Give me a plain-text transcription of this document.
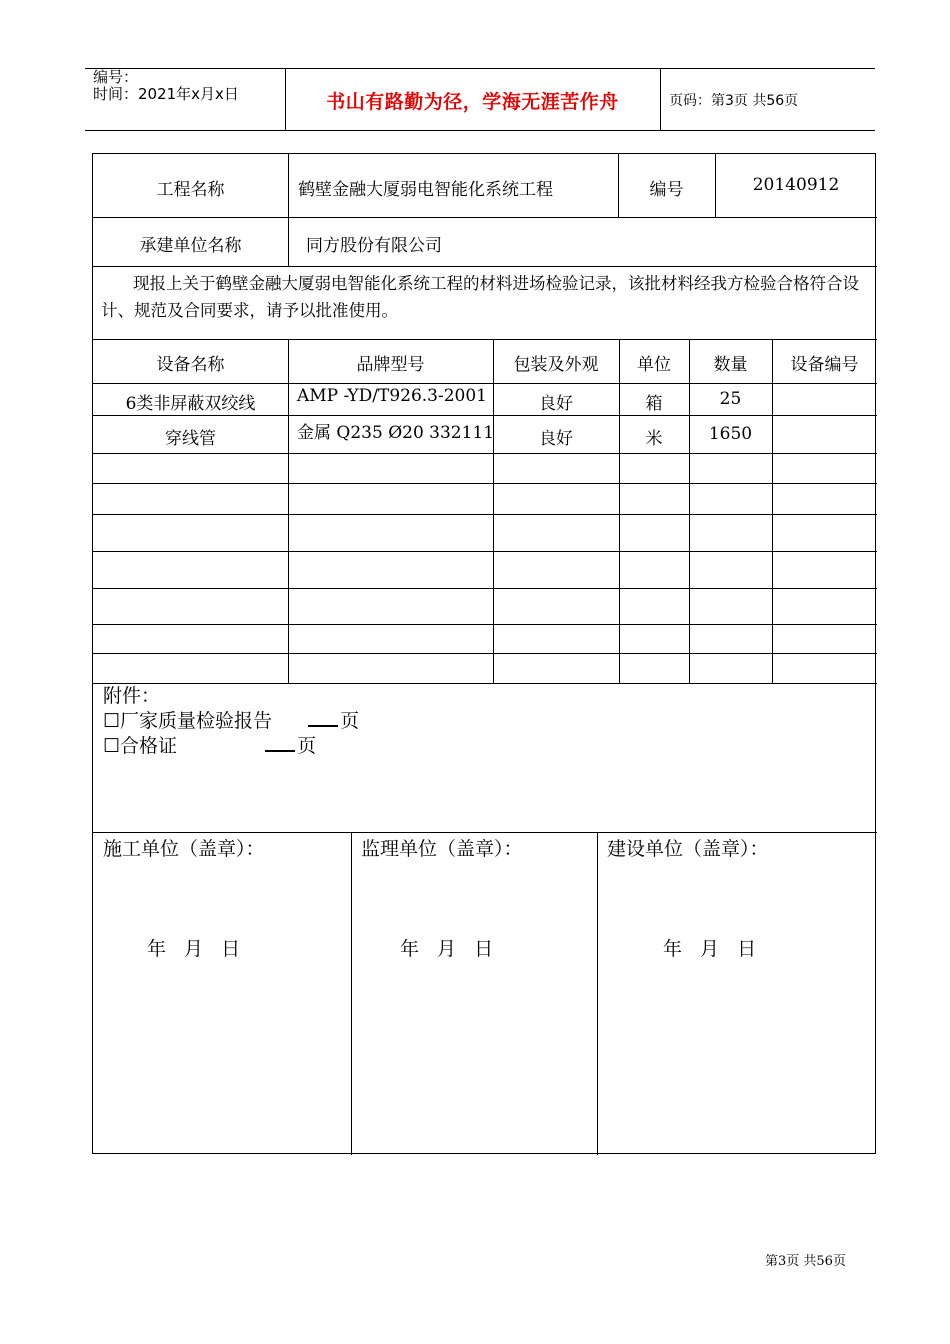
编号：
时间：2021年x月x日	书山有路勤为径，学海无涯苦作舟	页码：第3页 共56页
工程名称	鹤壁金融大厦弱电智能化系统工程	编号	20140912
承建单位名称	同方股份有限公司
现报上关于鹤壁金融大厦弱电智能化系统工程的材料进场检验记录，该批材料经我方检验合格符合设计、规范及合同要求，请予以批准使用。
设备名称	品牌型号	包装及外观	单位	数量	设备编号
6类非屏蔽双绞线	AMP -YD/T926.3-2001	良好	箱	25
穿线管	金属 Q235 Ø20 332111	良好	米	1650
附件：
☐厂家质量检验报告	页
☐合格证	页
施工单位（盖章）：	监理单位（盖章）：	建设单位（盖章）：
年 月 日	年 月 日	年 月 日
第3页 共56页
